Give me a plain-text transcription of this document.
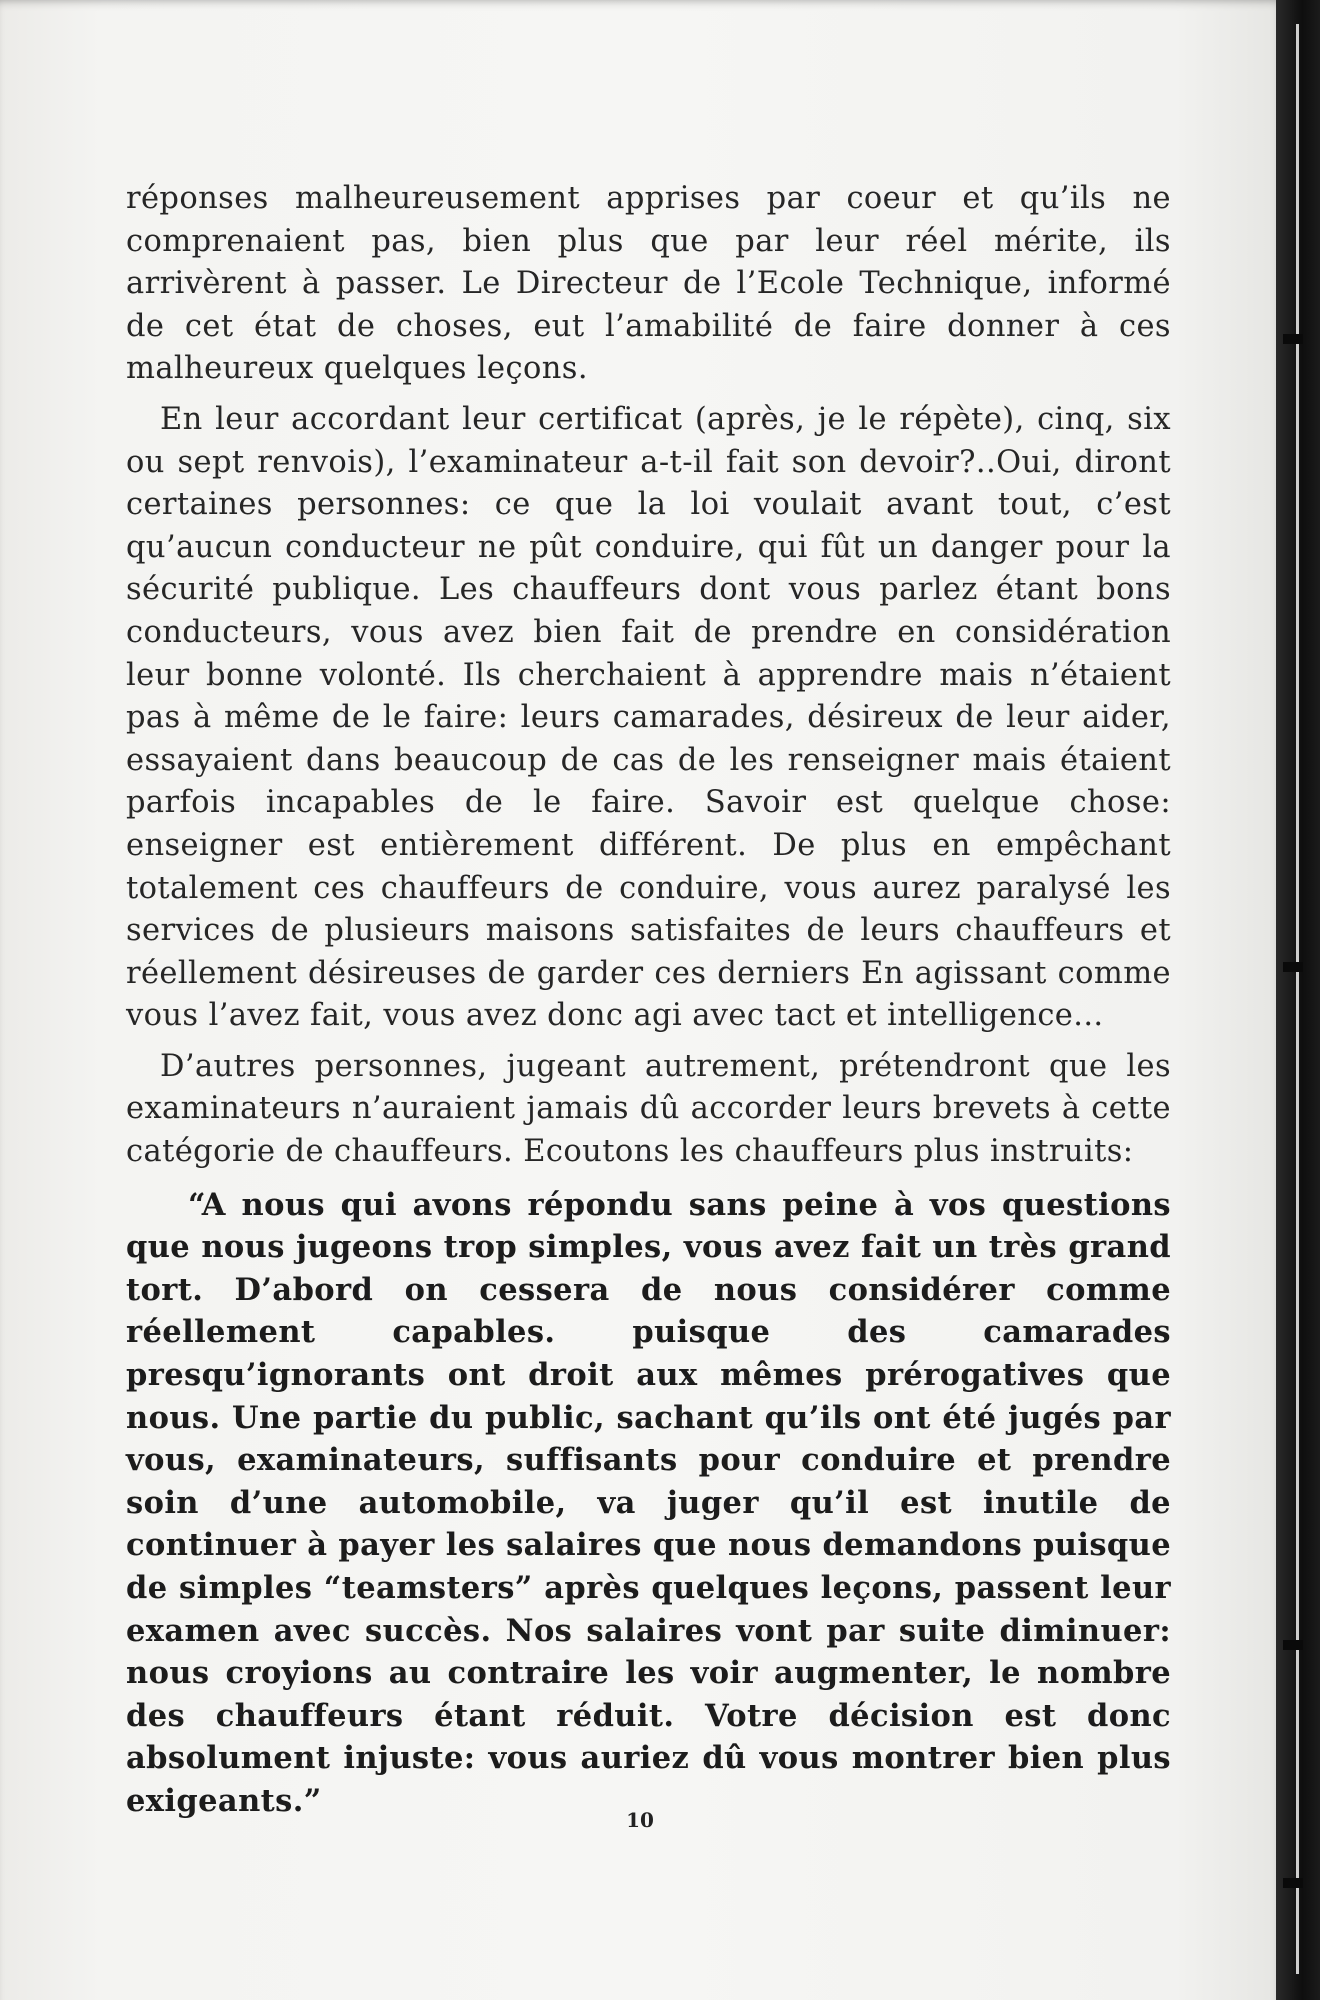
réponses malheureusement apprises par coeur et qu’ils ne comprenaient pas, bien plus que par leur réel mérite, ils arrivèrent à passer. Le Directeur de l’Ecole Technique, informé de cet état de choses, eut l’amabilité de faire donner à ces malheureux quelques leçons.

En leur accordant leur certificat (après, je le répète), cinq, six ou sept renvois), l’examinateur a-t-il fait son devoir?..Oui, diront certaines personnes: ce que la loi voulait avant tout, c’est qu’aucun conducteur ne pût conduire, qui fût un danger pour la sécurité publique. Les chauffeurs dont vous parlez étant bons conducteurs, vous avez bien fait de prendre en considération leur bonne volonté. Ils cherchaient à apprendre mais n’étaient pas à même de le faire: leurs camarades, désireux de leur aider, essayaient dans beaucoup de cas de les renseigner mais étaient parfois incapables de le faire. Savoir est quelque chose: enseigner est entièrement différent. De plus en empêchant totalement ces chauffeurs de conduire, vous aurez paralysé les services de plusieurs maisons satisfaites de leurs chauffeurs et réellement désireuses de garder ces derniers En agissant comme vous l’avez fait, vous avez donc agi avec tact et intelligence...

D’autres personnes, jugeant autrement, prétendront que les examinateurs n’auraient jamais dû accorder leurs brevets à cette catégorie de chauffeurs. Ecoutons les chauffeurs plus instruits:

“A nous qui avons répondu sans peine à vos questions que nous jugeons trop simples, vous avez fait un très grand tort. D’abord on cessera de nous considérer comme réellement capables. puisque des camarades presqu’ignorants ont droit aux mêmes prérogatives que nous. Une partie du public, sachant qu’ils ont été jugés par vous, examinateurs, suffisants pour conduire et prendre soin d’une automobile, va juger qu’il est inutile de continuer à payer les salaires que nous demandons puisque de simples “teamsters” après quelques leçons, passent leur examen avec succès. Nos salaires vont par suite diminuer: nous croyions au contraire les voir augmenter, le nombre des chauffeurs étant réduit. Votre décision est donc absolument injuste: vous auriez dû vous montrer bien plus exigeants.”

10
